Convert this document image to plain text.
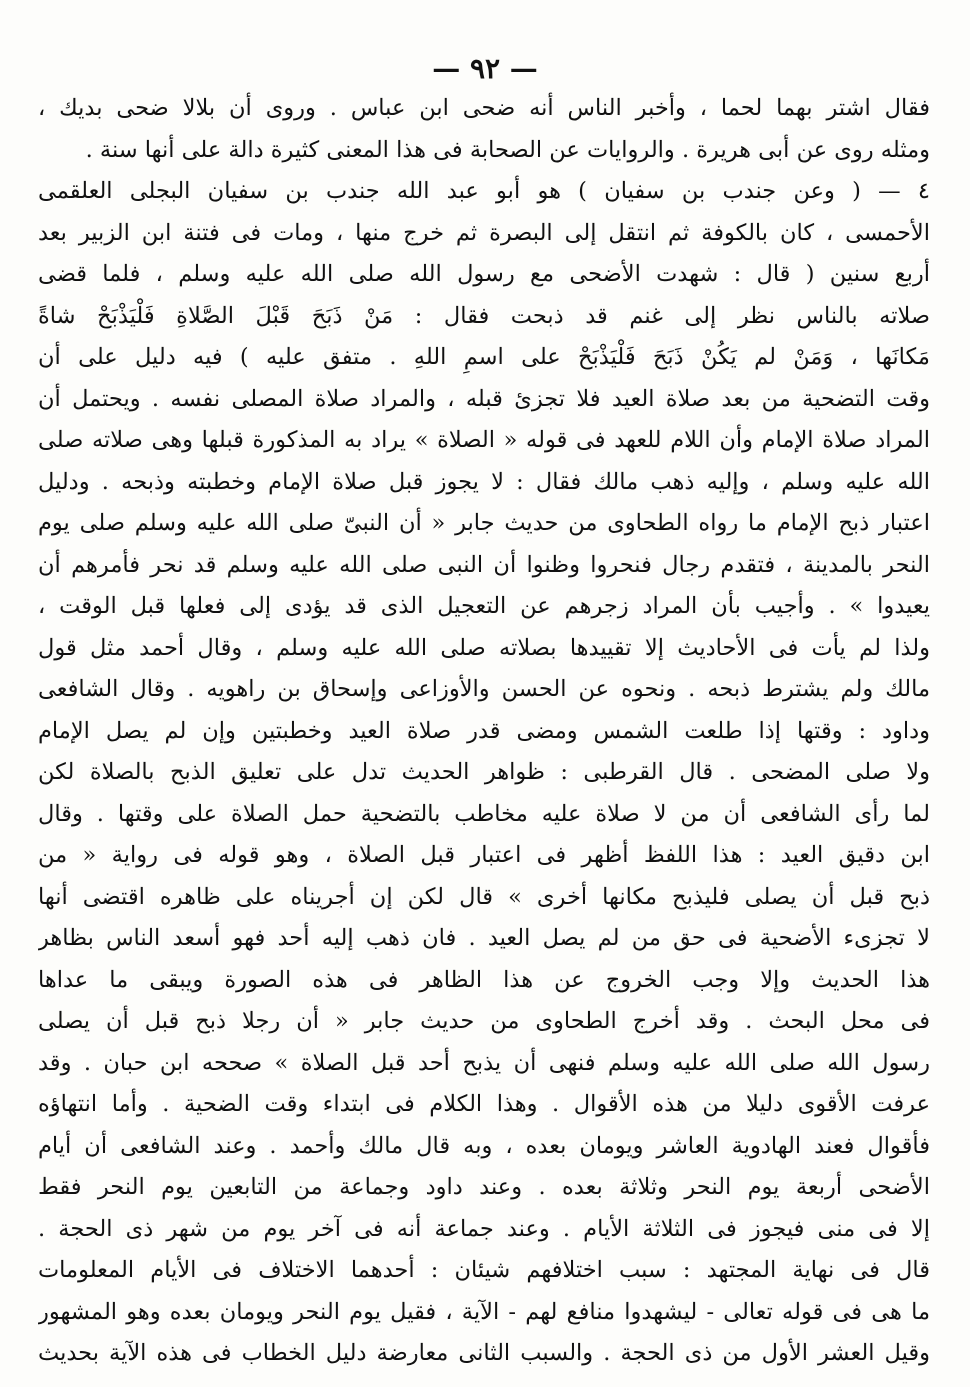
— ٩٢ —
فقال اشتر بهما لحما ، وأخبر الناس أنه ضحى ابن عباس . وروى أن بلالا ضحى بديك ،
ومثله روى عن أبى هريرة . والروايات عن الصحابة فى هذا المعنى كثيرة دالة على أنها سنة .
٤ — ( وعن جندب بن سفيان ) هو أبو عبد الله جندب بن سفيان البجلى العلقمى
الأحمسى ، كان بالكوفة ثم انتقل إلى البصرة ثم خرج منها ، ومات فى فتنة ابن الزبير بعد
أربع سنين ( قال : شهدت الأضحى مع رسول الله صلى الله عليه وسلم ، فلما قضى
صلاته بالناس نظر إلى غنم قد ذبحت فقال : مَنْ ذَبَحَ قَبْلَ الصَّلاةِ فَلْيَذْبَحْ شاةً
مَكانَها ، وَمَنْ لم يَكُنْ ذَبَحَ فَلْيَذْبَحْ على اسمِ اللهِ . متفق عليه ) فيه دليل على أن
وقت التضحية من بعد صلاة العيد فلا تجزئ قبله ، والمراد صلاة المصلى نفسه . ويحتمل أن
المراد صلاة الإمام وأن اللام للعهد فى قوله « الصلاة » يراد به المذكورة قبلها وهى صلاته صلى
الله عليه وسلم ، وإليه ذهب مالك فقال : لا يجوز قبل صلاة الإمام وخطبته وذبحه . ودليل
اعتبار ذبح الإمام ما رواه الطحاوى من حديث جابر « أن النبىّ صلى الله عليه وسلم صلى يوم
النحر بالمدينة ، فتقدم رجال فنحروا وظنوا أن النبى صلى الله عليه وسلم قد نحر فأمرهم أن
يعيدوا » . وأجيب بأن المراد زجرهم عن التعجيل الذى قد يؤدى إلى فعلها قبل الوقت ،
ولذا لم يأت فى الأحاديث إلا تقييدها بصلاته صلى الله عليه وسلم ، وقال أحمد مثل قول
مالك ولم يشترط ذبحه . ونحوه عن الحسن والأوزاعى وإسحاق بن راهويه . وقال الشافعى
وداود : وقتها إذا طلعت الشمس ومضى قدر صلاة العيد وخطبتين وإن لم يصل الإمام
ولا صلى المضحى . قال القرطبى : ظواهر الحديث تدل على تعليق الذبح بالصلاة لكن
لما رأى الشافعى أن من لا صلاة عليه مخاطب بالتضحية حمل الصلاة على وقتها . وقال
ابن دقيق العيد : هذا اللفظ أظهر فى اعتبار قبل الصلاة ، وهو قوله فى رواية « من
ذبح قبل أن يصلى فليذبح مكانها أخرى » قال لكن إن أجريناه على ظاهره اقتضى أنها
لا تجزىء الأضحية فى حق من لم يصل العيد . فان ذهب إليه أحد فهو أسعد الناس بظاهر
هذا الحديث وإلا وجب الخروج عن هذا الظاهر فى هذه الصورة ويبقى ما عداها
فى محل البحث . وقد أخرج الطحاوى من حديث جابر « أن رجلا ذبح قبل أن يصلى
رسول الله صلى الله عليه وسلم فنهى أن يذبح أحد قبل الصلاة » صححه ابن حبان . وقد
عرفت الأقوى دليلا من هذه الأقوال . وهذا الكلام فى ابتداء وقت الضحية . وأما انتهاؤه
فأقوال فعند الهادوية العاشر ويومان بعده ، وبه قال مالك وأحمد . وعند الشافعى أن أيام
الأضحى أربعة يوم النحر وثلاثة بعده . وعند داود وجماعة من التابعين يوم النحر فقط
إلا فى منى فيجوز فى الثلاثة الأيام . وعند جماعة أنه فى آخر يوم من شهر ذى الحجة .
قال فى نهاية المجتهد : سبب اختلافهم شيئان : أحدهما الاختلاف فى الأيام المعلومات
ما هى فى قوله تعالى - ليشهدوا منافع لهم - الآية ، فقيل يوم النحر ويومان بعده وهو المشهور
وقيل العشر الأول من ذى الحجة . والسبب الثانى معارضة دليل الخطاب فى هذه الآية بحديث
